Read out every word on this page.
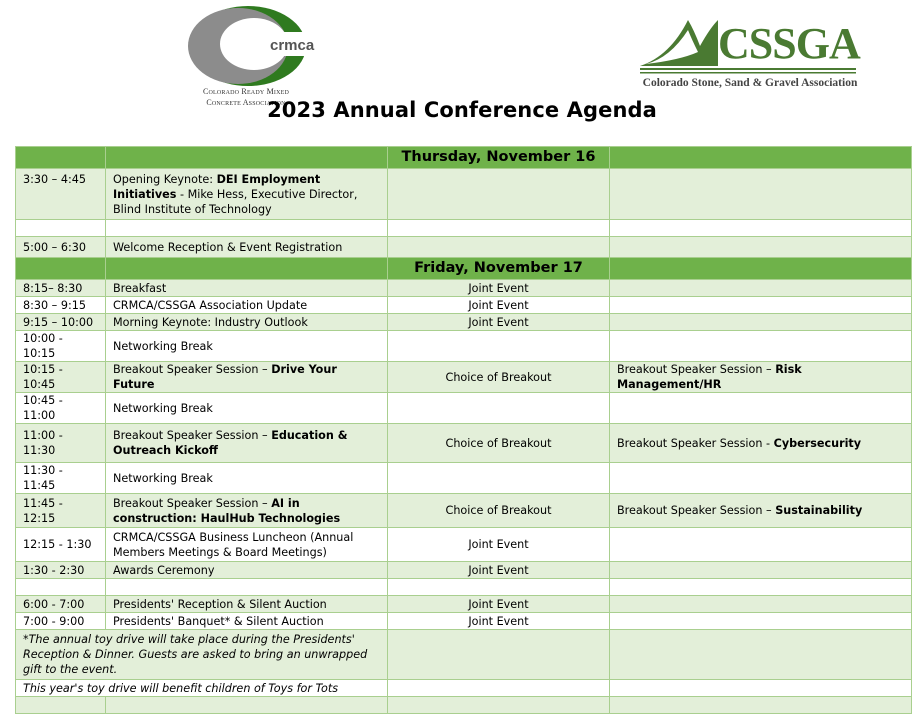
crmca
Colorado Ready Mixed
Concrete Association
CSSGA
Colorado Stone, Sand & Gravel Association
2023 Annual Conference Agenda
		Thursday, November 16	
3:30 – 4:45	Opening Keynote: DEI Employment Initiatives - Mike Hess, Executive Director, Blind Institute of Technology		

5:00 – 6:30	Welcome Reception & Event Registration		
		Friday, November 17	
8:15– 8:30	Breakfast	Joint Event	
8:30 – 9:15	CRMCA/CSSGA Association Update	Joint Event	
9:15 – 10:00	Morning Keynote: Industry Outlook	Joint Event	
10:00 - 10:15	Networking Break		
10:15 - 10:45	Breakout Speaker Session – Drive Your Future	Choice of Breakout	Breakout Speaker Session – Risk Management/HR
10:45 - 11:00	Networking Break		
11:00 - 11:30	Breakout Speaker Session – Education & Outreach Kickoff	Choice of Breakout	Breakout Speaker Session - Cybersecurity
11:30 - 11:45	Networking Break		
11:45 - 12:15	Breakout Speaker Session – AI in construction: HaulHub Technologies	Choice of Breakout	Breakout Speaker Session – Sustainability
12:15 - 1:30	CRMCA/CSSGA Business Luncheon (Annual Members Meetings & Board Meetings)	Joint Event	
1:30 - 2:30	Awards Ceremony	Joint Event	

6:00 - 7:00	Presidents' Reception & Silent Auction	Joint Event	
7:00 - 9:00	Presidents' Banquet* & Silent Auction	Joint Event	
*The annual toy drive will take place during the Presidents' Reception & Dinner. Guests are asked to bring an unwrapped gift to the event.			
This year's toy drive will benefit children of Toys for Tots			
